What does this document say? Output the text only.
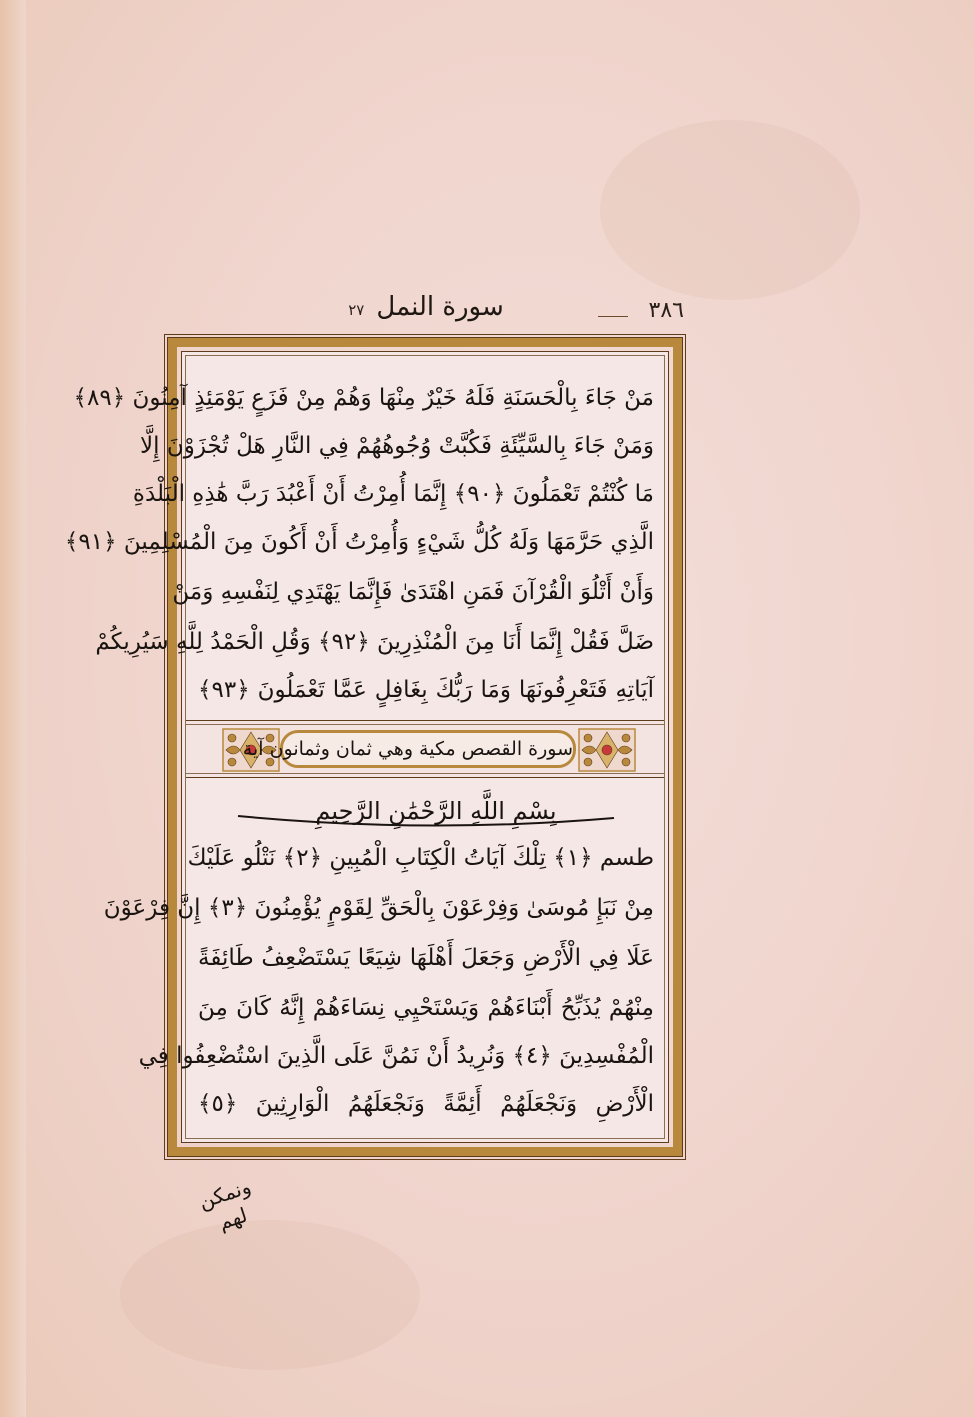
٣٨٦
سورة النمل٢٧
مَنْ جَاءَ بِالْحَسَنَةِ فَلَهُ خَيْرٌ مِنْهَا وَهُمْ مِنْ فَزَعٍ يَوْمَئِذٍ آمِنُونَ ﴿٨٩﴾
وَمَنْ جَاءَ بِالسَّيِّئَةِ فَكُبَّتْ وُجُوهُهُمْ فِي النَّارِ هَلْ تُجْزَوْنَ إِلَّا
مَا كُنْتُمْ تَعْمَلُونَ ﴿٩٠﴾ إِنَّمَا أُمِرْتُ أَنْ أَعْبُدَ رَبَّ هَٰذِهِ الْبَلْدَةِ
الَّذِي حَرَّمَهَا وَلَهُ كُلُّ شَيْءٍ وَأُمِرْتُ أَنْ أَكُونَ مِنَ الْمُسْلِمِينَ ﴿٩١﴾
وَأَنْ أَتْلُوَ الْقُرْآنَ فَمَنِ اهْتَدَىٰ فَإِنَّمَا يَهْتَدِي لِنَفْسِهِ وَمَنْ
ضَلَّ فَقُلْ إِنَّمَا أَنَا مِنَ الْمُنْذِرِينَ ﴿٩٢﴾ وَقُلِ الْحَمْدُ لِلَّهِ سَيُرِيكُمْ
آيَاتِهِ فَتَعْرِفُونَهَا وَمَا رَبُّكَ بِغَافِلٍ عَمَّا تَعْمَلُونَ ﴿٩٣﴾
سورة القصص مكية وهي ثمان وثمانون آية
بِسْمِ اللَّهِ الرَّحْمَٰنِ الرَّحِيمِ
طسم ﴿١﴾ تِلْكَ آيَاتُ الْكِتَابِ الْمُبِينِ ﴿٢﴾ نَتْلُو عَلَيْكَ
مِنْ نَبَإِ مُوسَىٰ وَفِرْعَوْنَ بِالْحَقِّ لِقَوْمٍ يُؤْمِنُونَ ﴿٣﴾ إِنَّ فِرْعَوْنَ
عَلَا فِي الْأَرْضِ وَجَعَلَ أَهْلَهَا شِيَعًا يَسْتَضْعِفُ طَائِفَةً
مِنْهُمْ يُذَبِّحُ أَبْنَاءَهُمْ وَيَسْتَحْيِي نِسَاءَهُمْ إِنَّهُ كَانَ مِنَ
الْمُفْسِدِينَ ﴿٤﴾ وَنُرِيدُ أَنْ نَمُنَّ عَلَى الَّذِينَ اسْتُضْعِفُوا فِي
الْأَرْضِ وَنَجْعَلَهُمْ أَئِمَّةً وَنَجْعَلَهُمُ الْوَارِثِينَ ﴿٥﴾
ونمكن لهم
